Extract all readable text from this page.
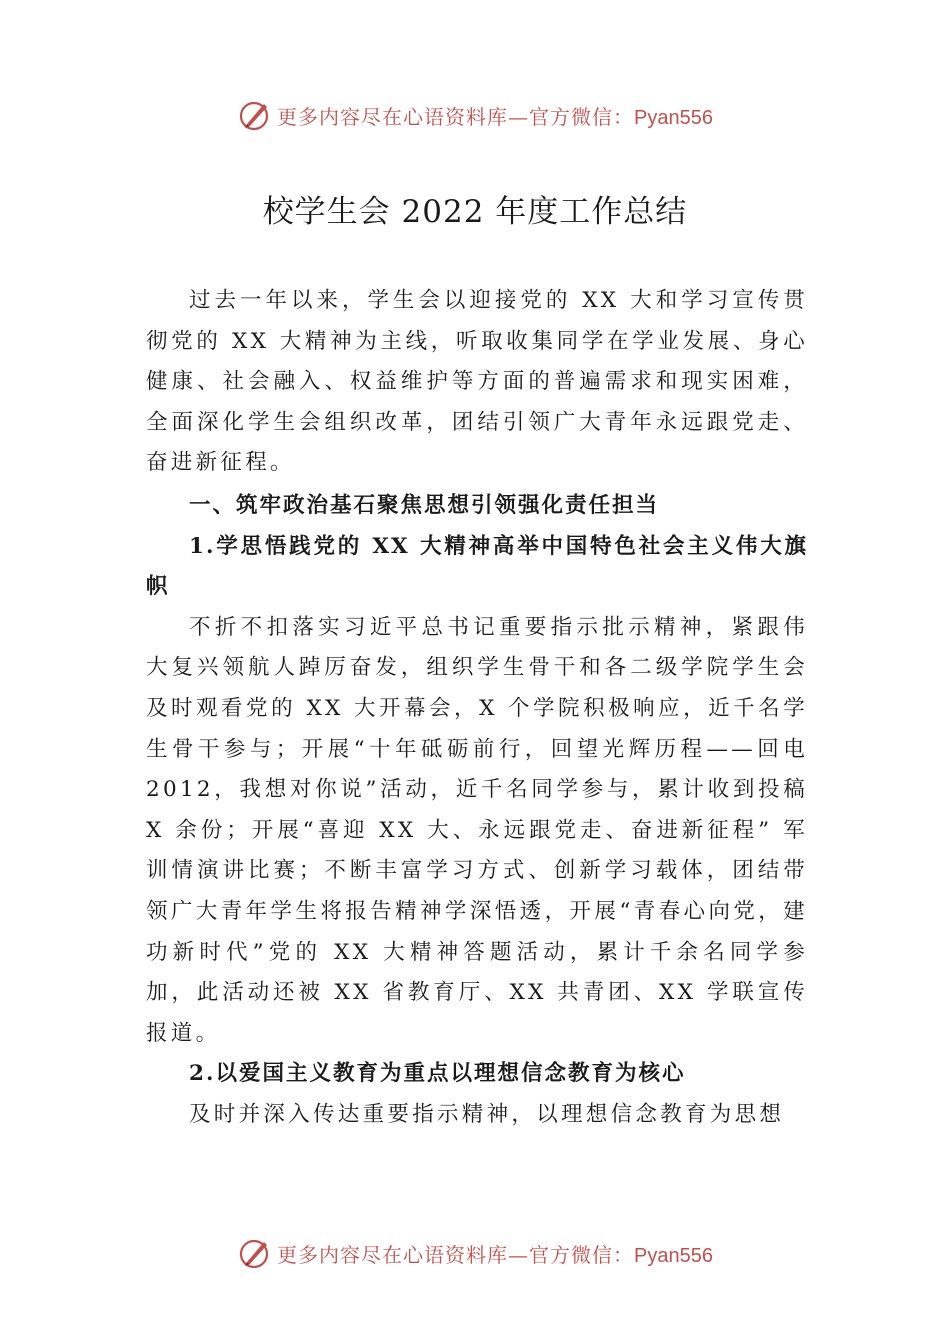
更多内容尽在心语资料库—官方微信：Pyan556
校学生会 2022 年度工作总结

过去一年以来，学生会以迎接党的 XX 大和学习宣传贯彻党的 XX 大精神为主线，听取收集同学在学业发展、身心健康、社会融入、权益维护等方面的普遍需求和现实困难， 全面深化学生会组织改革，团结引领广大青年永远跟党走、 奋进新征程。

一、筑牢政治基石聚焦思想引领强化责任担当

1.学思悟践党的 XX 大精神高举中国特色社会主义伟大旗帜

不折不扣落实习近平总书记重要指示批示精神，紧跟伟大复兴领航人踔厉奋发，组织学生骨干和各二级学院学生会及时观看党的 XX 大开幕会，X 个学院积极响应，近千名学生骨干参与；开展“十年砥砺前行，回望光辉历程——回电 2012，我想对你说”活动，近千名同学参与，累计收到投稿 X 余份；开展“喜迎 XX 大、永远跟党走、奋进新征程” 军训情演讲比赛；不断丰富学习方式、创新学习载体，团结带领广大青年学生将报告精神学深悟透，开展“青春心向党，建功新时代”党的 XX 大精神答题活动，累计千余名同学参加，此活动还被 XX 省教育厅、XX 共青团、XX 学联宣传报道。

2.以爱国主义教育为重点以理想信念教育为核心

及时并深入传达重要指示精神，以理想信念教育为思想

更多内容尽在心语资料库—官方微信：Pyan556
